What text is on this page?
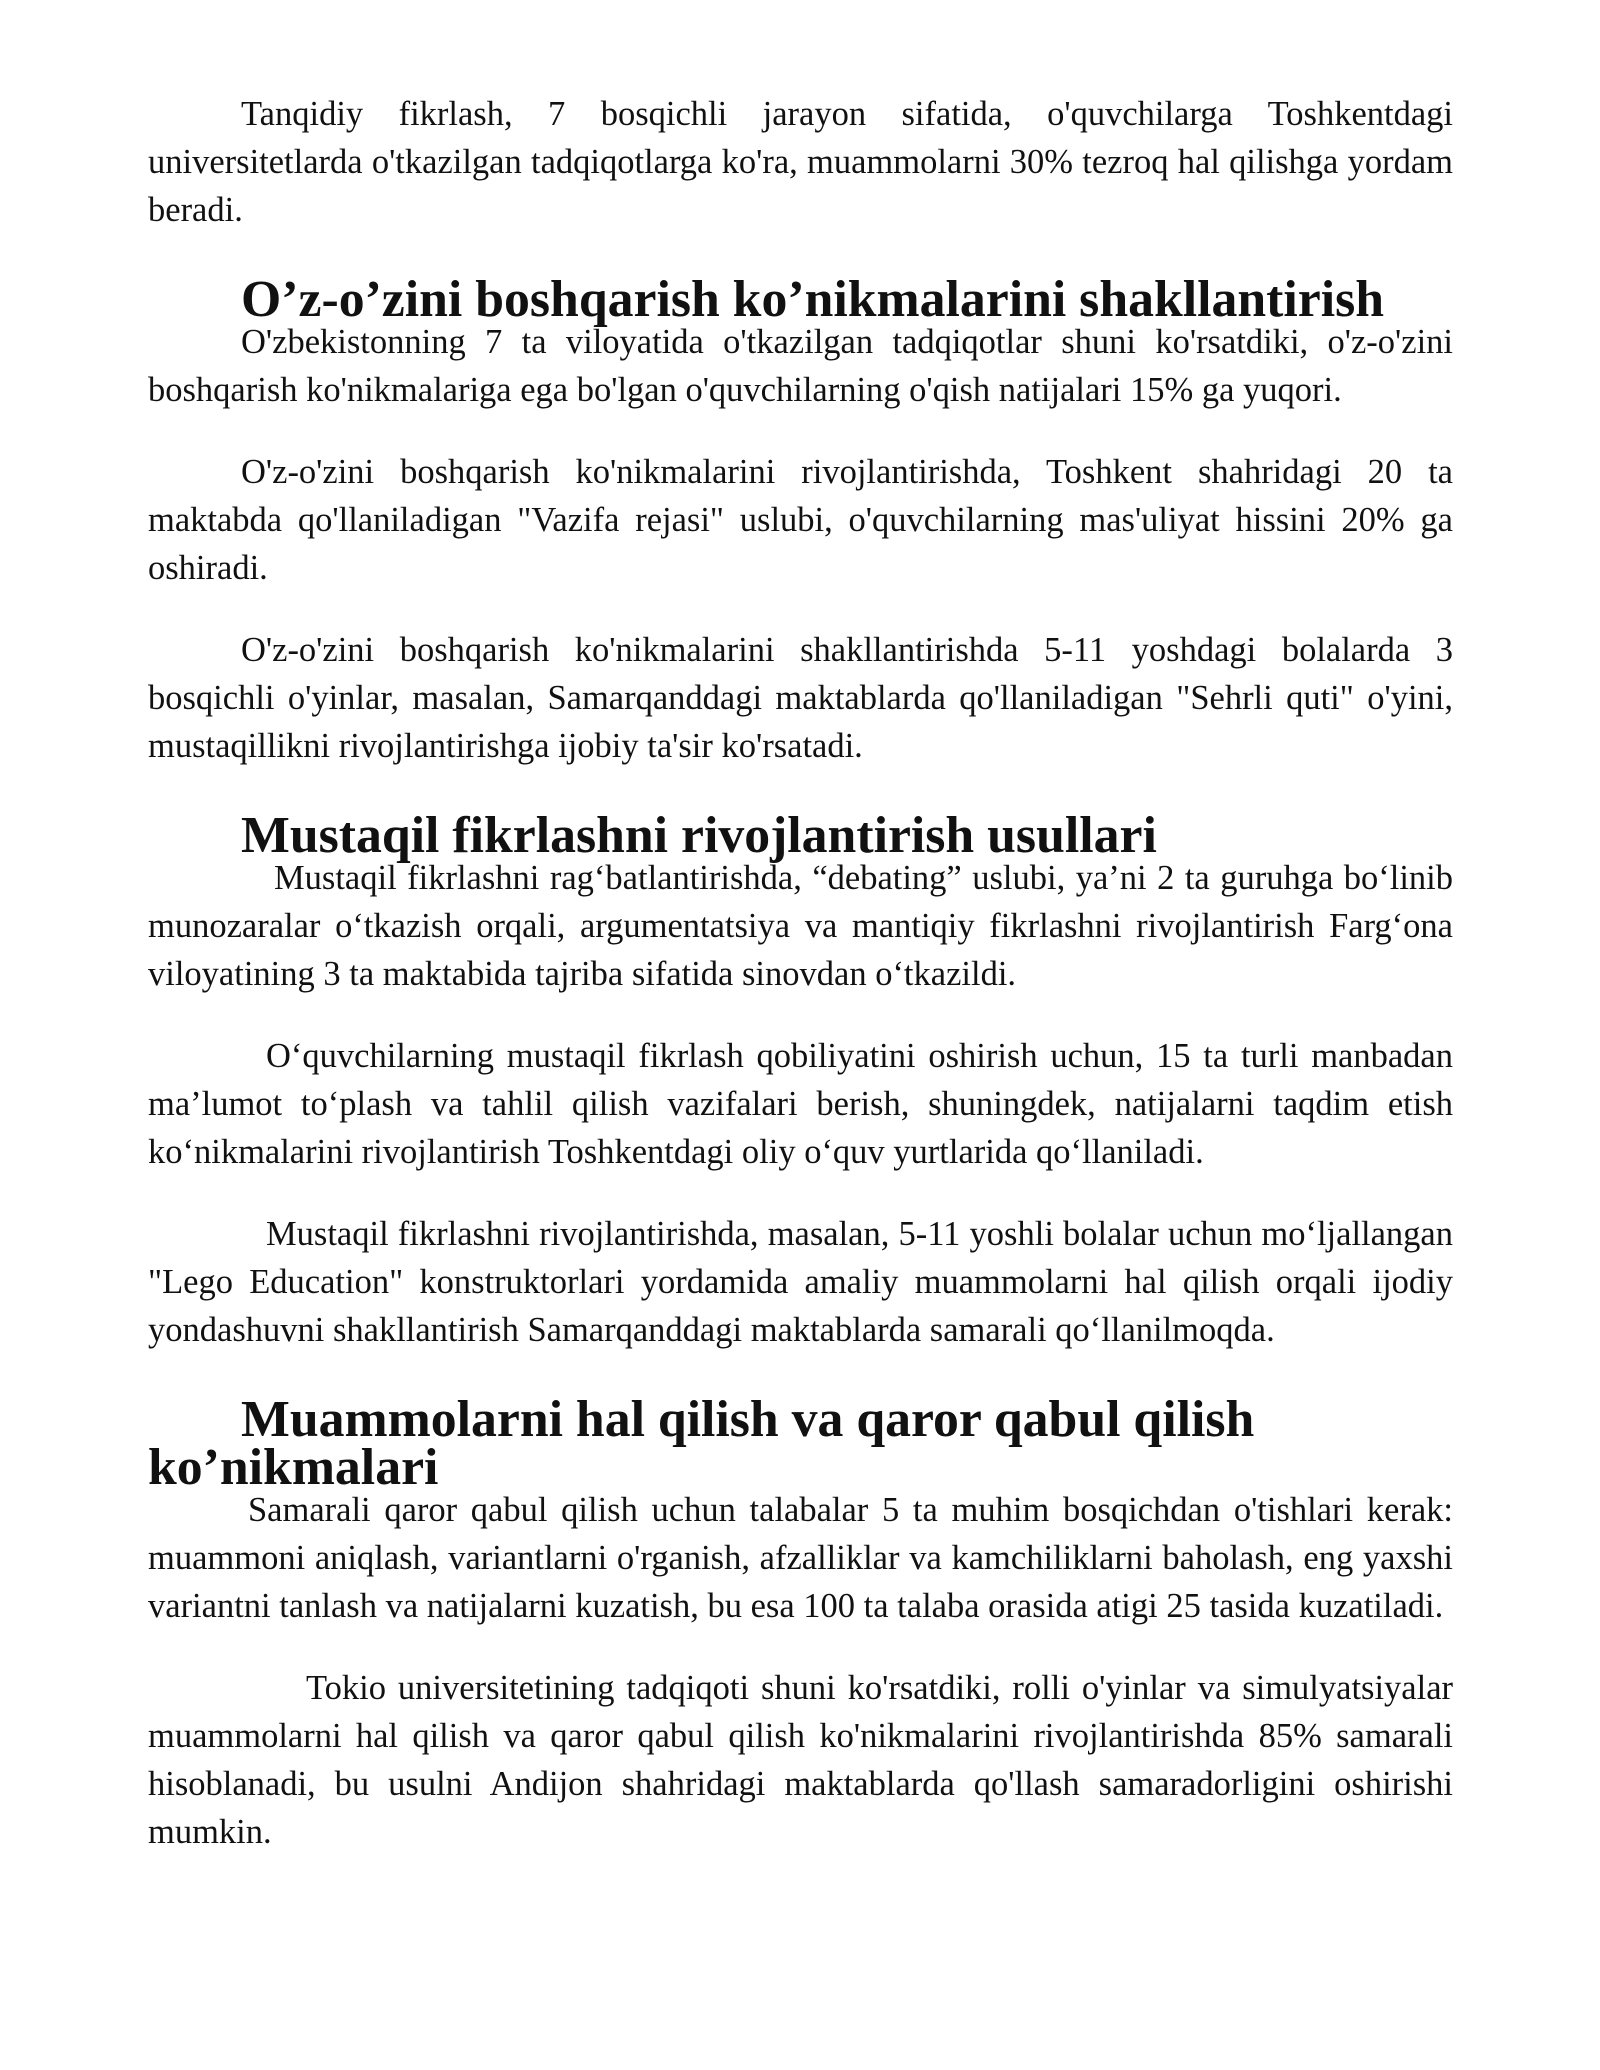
Tanqidiy fikrlash, 7 bosqichli jarayon sifatida, o'quvchilarga Toshkentdagi universitetlarda o'tkazilgan tadqiqotlarga ko'ra, muammolarni 30% tezroq hal qilishga yordam beradi.

O’z-o’zini boshqarish ko’nikmalarini shakllantirish

O'zbekistonning 7 ta viloyatida o'tkazilgan tadqiqotlar shuni ko'rsatdiki, o'z-o'zini boshqarish ko'nikmalariga ega bo'lgan o'quvchilarning o'qish natijalari 15% ga yuqori.

O'z-o'zini boshqarish ko'nikmalarini rivojlantirishda, Toshkent shahridagi 20 ta maktabda qo'llaniladigan "Vazifa rejasi" uslubi, o'quvchilarning mas'uliyat hissini 20% ga oshiradi.

O'z-o'zini boshqarish ko'nikmalarini shakllantirishda 5-11 yoshdagi bolalarda 3 bosqichli o'yinlar, masalan, Samarqanddagi maktablarda qo'llaniladigan "Sehrli quti" o'yini, mustaqillikni rivojlantirishga ijobiy ta'sir ko'rsatadi.

Mustaqil fikrlashni rivojlantirish usullari

Mustaqil fikrlashni rag‘batlantirishda, “debating” uslubi, ya’ni 2 ta guruhga bo‘linib munozaralar o‘tkazish orqali, argumentatsiya va mantiqiy fikrlashni rivojlantirish Farg‘ona viloyatining 3 ta maktabida tajriba sifatida sinovdan o‘tkazildi.

O‘quvchilarning mustaqil fikrlash qobiliyatini oshirish uchun, 15 ta turli manbadan ma’lumot to‘plash va tahlil qilish vazifalari berish, shuningdek, natijalarni taqdim etish ko‘nikmalarini rivojlantirish Toshkentdagi oliy o‘quv yurtlarida qo‘llaniladi.

Mustaqil fikrlashni rivojlantirishda, masalan, 5-11 yoshli bolalar uchun mo‘ljallangan "Lego Education" konstruktorlari yordamida amaliy muammolarni hal qilish orqali ijodiy yondashuvni shakllantirish Samarqanddagi maktablarda samarali qo‘llanilmoqda.

Muammolarni hal qilish va qaror qabul qilish ko’nikmalari

Samarali qaror qabul qilish uchun talabalar 5 ta muhim bosqichdan o'tishlari kerak: muammoni aniqlash, variantlarni o'rganish, afzalliklar va kamchiliklarni baholash, eng yaxshi variantni tanlash va natijalarni kuzatish, bu esa 100 ta talaba orasida atigi 25 tasida kuzatiladi.

Tokio universitetining tadqiqoti shuni ko'rsatdiki, rolli o'yinlar va simulyatsiyalar muammolarni hal qilish va qaror qabul qilish ko'nikmalarini rivojlantirishda 85% samarali hisoblanadi, bu usulni Andijon shahridagi maktablarda qo'llash samaradorligini oshirishi mumkin.
